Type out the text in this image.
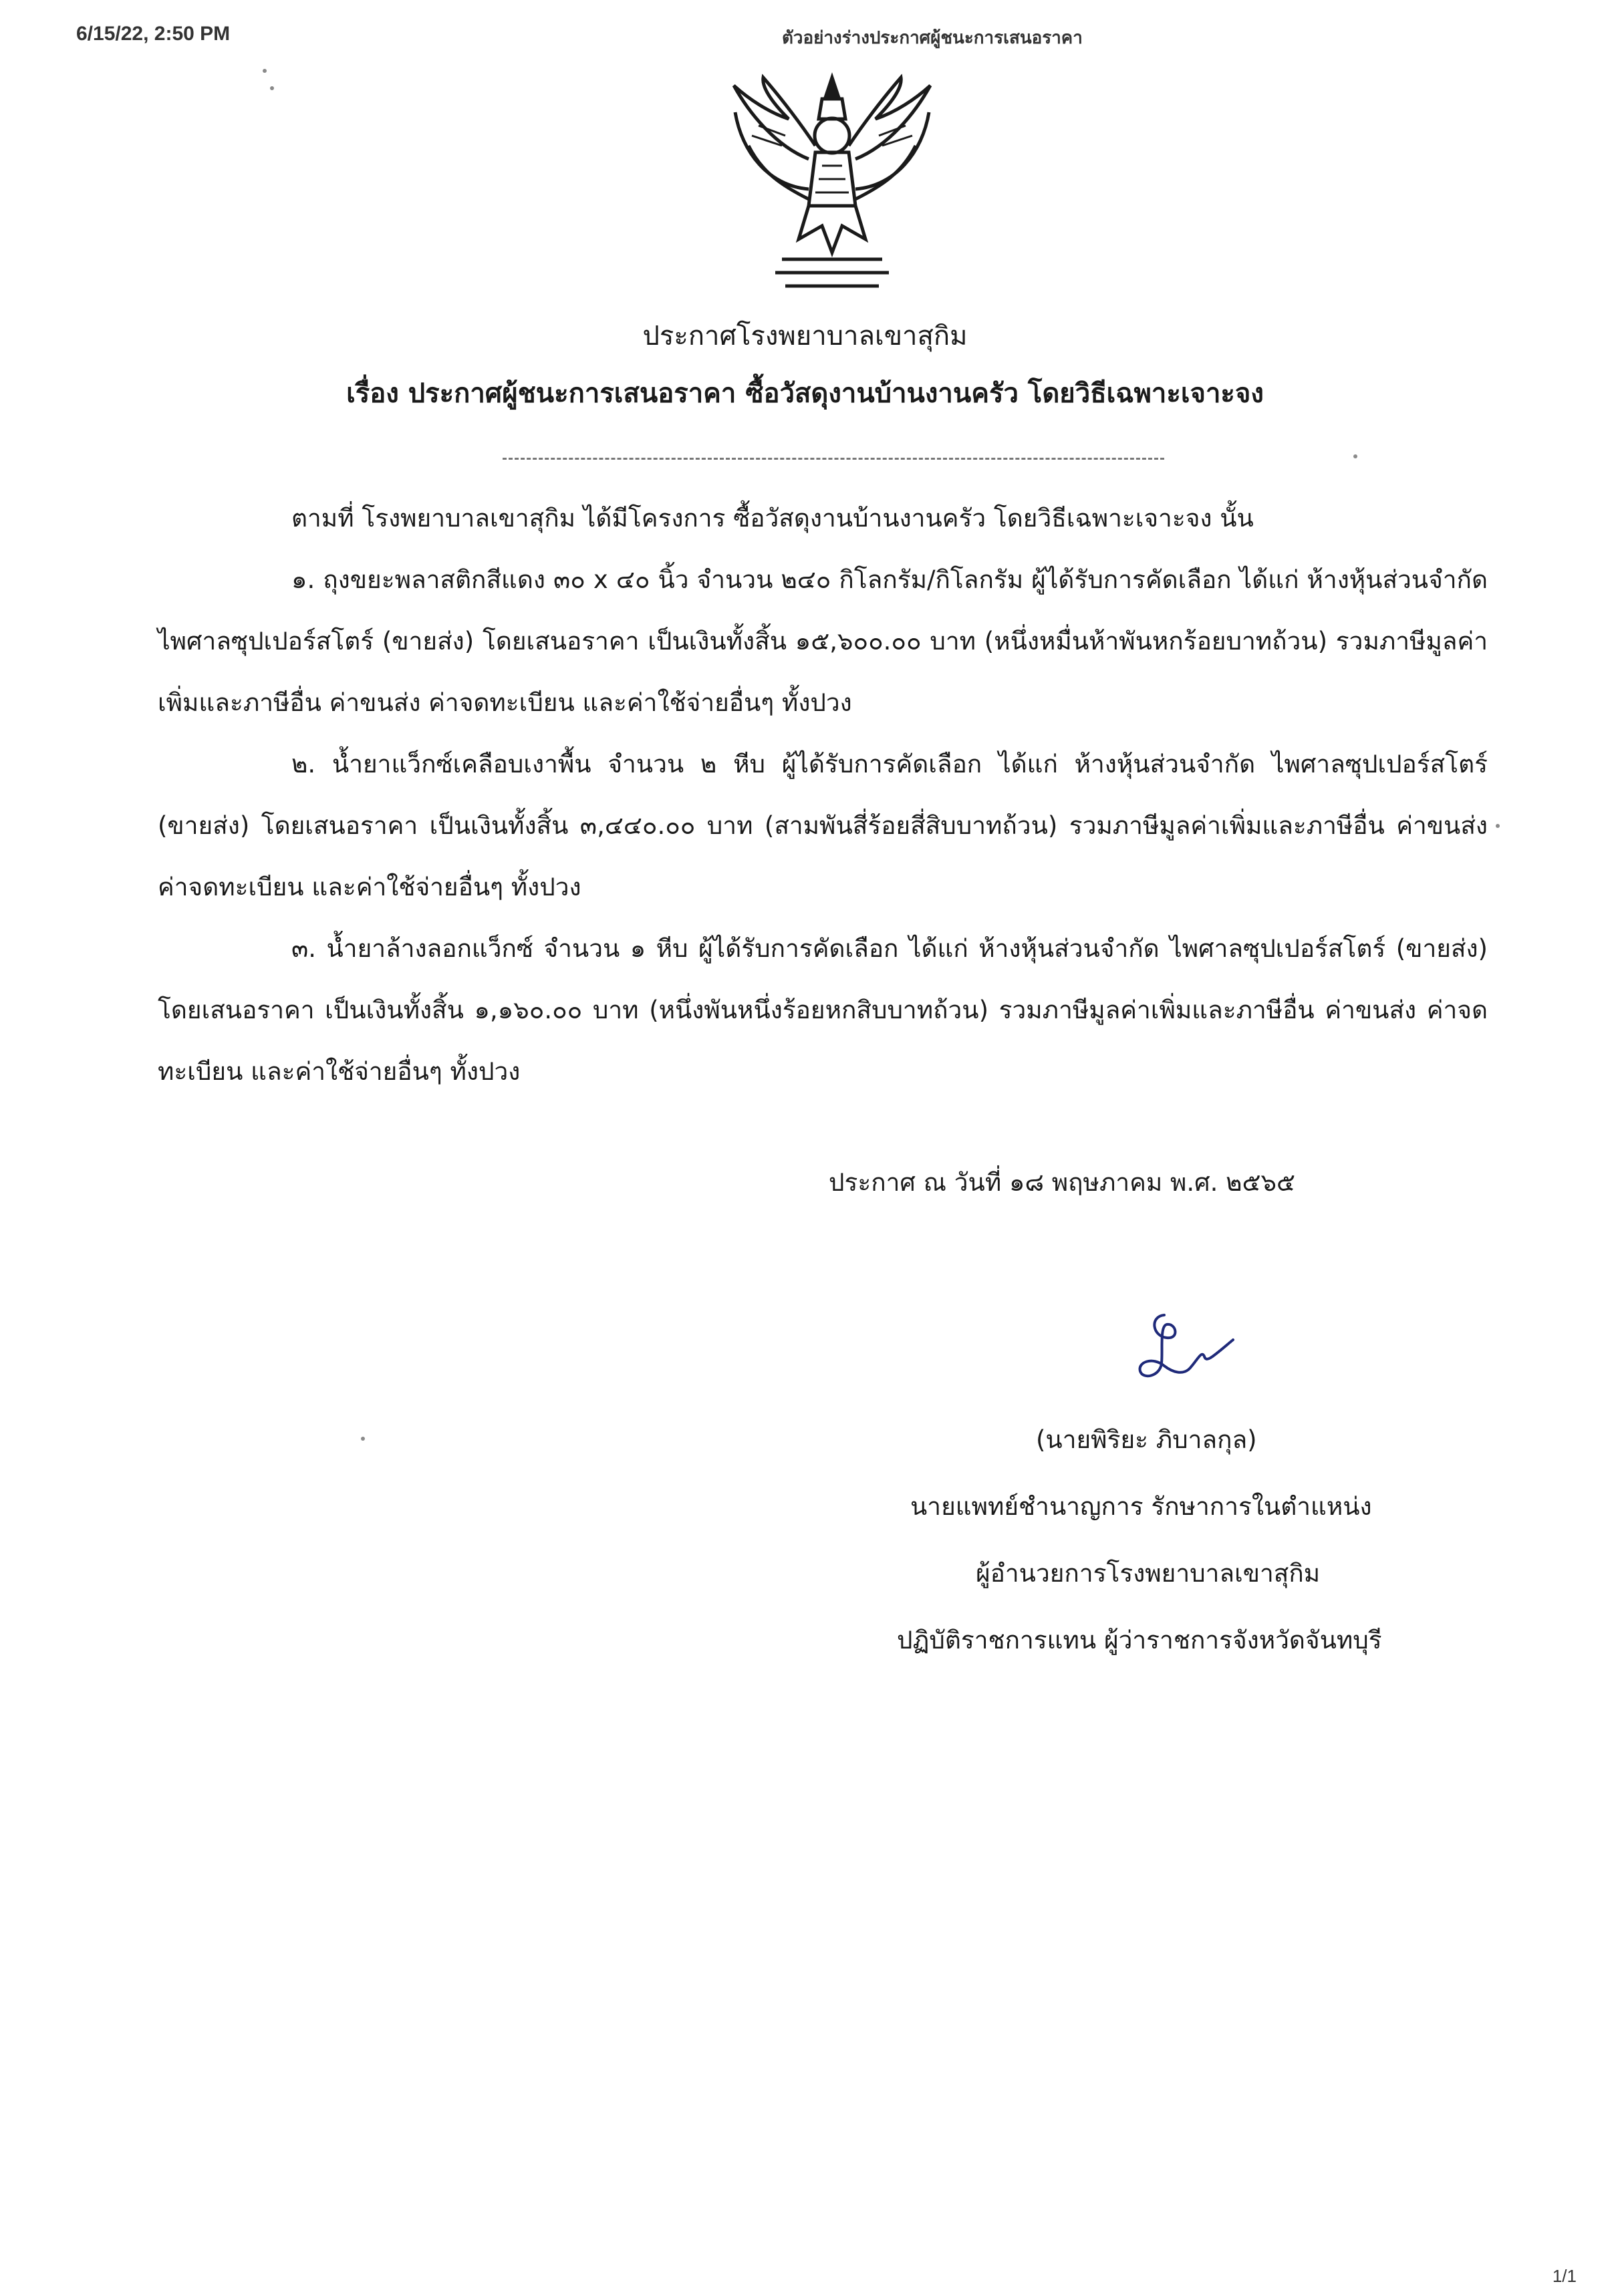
6/15/22, 2:50 PM	ตัวอย่างร่างประกาศผู้ชนะการเสนอราคา
ประกาศโรงพยาบาลเขาสุกิม
เรื่อง ประกาศผู้ชนะการเสนอราคา ซื้อวัสดุงานบ้านงานครัว โดยวิธีเฉพาะเจาะจง

ตามที่ โรงพยาบาลเขาสุกิม ได้มีโครงการ ซื้อวัสดุงานบ้านงานครัว โดยวิธีเฉพาะเจาะจง นั้น

๑. ถุงขยะพลาสติกสีแดง ๓๐ x ๔๐ นิ้ว จำนวน ๒๔๐ กิโลกรัม/กิโลกรัม ผู้ได้รับการคัดเลือก ได้แก่ ห้างหุ้นส่วนจำกัด ไพศาลซุปเปอร์สโตร์ (ขายส่ง) โดยเสนอราคา เป็นเงินทั้งสิ้น ๑๕,๖๐๐.๐๐ บาท (หนึ่งหมื่นห้าพันหกร้อยบาทถ้วน) รวมภาษีมูลค่าเพิ่มและภาษีอื่น ค่าขนส่ง ค่าจดทะเบียน และค่าใช้จ่ายอื่นๆ ทั้งปวง

๒. น้ำยาแว็กซ์เคลือบเงาพื้น จำนวน ๒ หีบ ผู้ได้รับการคัดเลือก ได้แก่ ห้างหุ้นส่วนจำกัด ไพศาลซุปเปอร์สโตร์ (ขายส่ง) โดยเสนอราคา เป็นเงินทั้งสิ้น ๓,๔๔๐.๐๐ บาท (สามพันสี่ร้อยสี่สิบบาทถ้วน) รวมภาษีมูลค่าเพิ่มและภาษีอื่น ค่าขนส่ง ค่าจดทะเบียน และค่าใช้จ่ายอื่นๆ ทั้งปวง

๓. น้ำยาล้างลอกแว็กซ์ จำนวน ๑ หีบ ผู้ได้รับการคัดเลือก ได้แก่ ห้างหุ้นส่วนจำกัด ไพศาลซุปเปอร์สโตร์ (ขายส่ง) โดยเสนอราคา เป็นเงินทั้งสิ้น ๑,๑๖๐.๐๐ บาท (หนึ่งพันหนึ่งร้อยหกสิบบาทถ้วน) รวมภาษีมูลค่าเพิ่มและภาษีอื่น ค่าขนส่ง ค่าจดทะเบียน และค่าใช้จ่ายอื่นๆ ทั้งปวง

ประกาศ ณ วันที่ ๑๘ พฤษภาคม พ.ศ. ๒๕๖๕
(นายพิริยะ ภิบาลกุล)
นายแพทย์ชำนาญการ รักษาการในตำแหน่ง
ผู้อำนวยการโรงพยาบาลเขาสุกิม
ปฏิบัติราชการแทน ผู้ว่าราชการจังหวัดจันทบุรี
1/1
